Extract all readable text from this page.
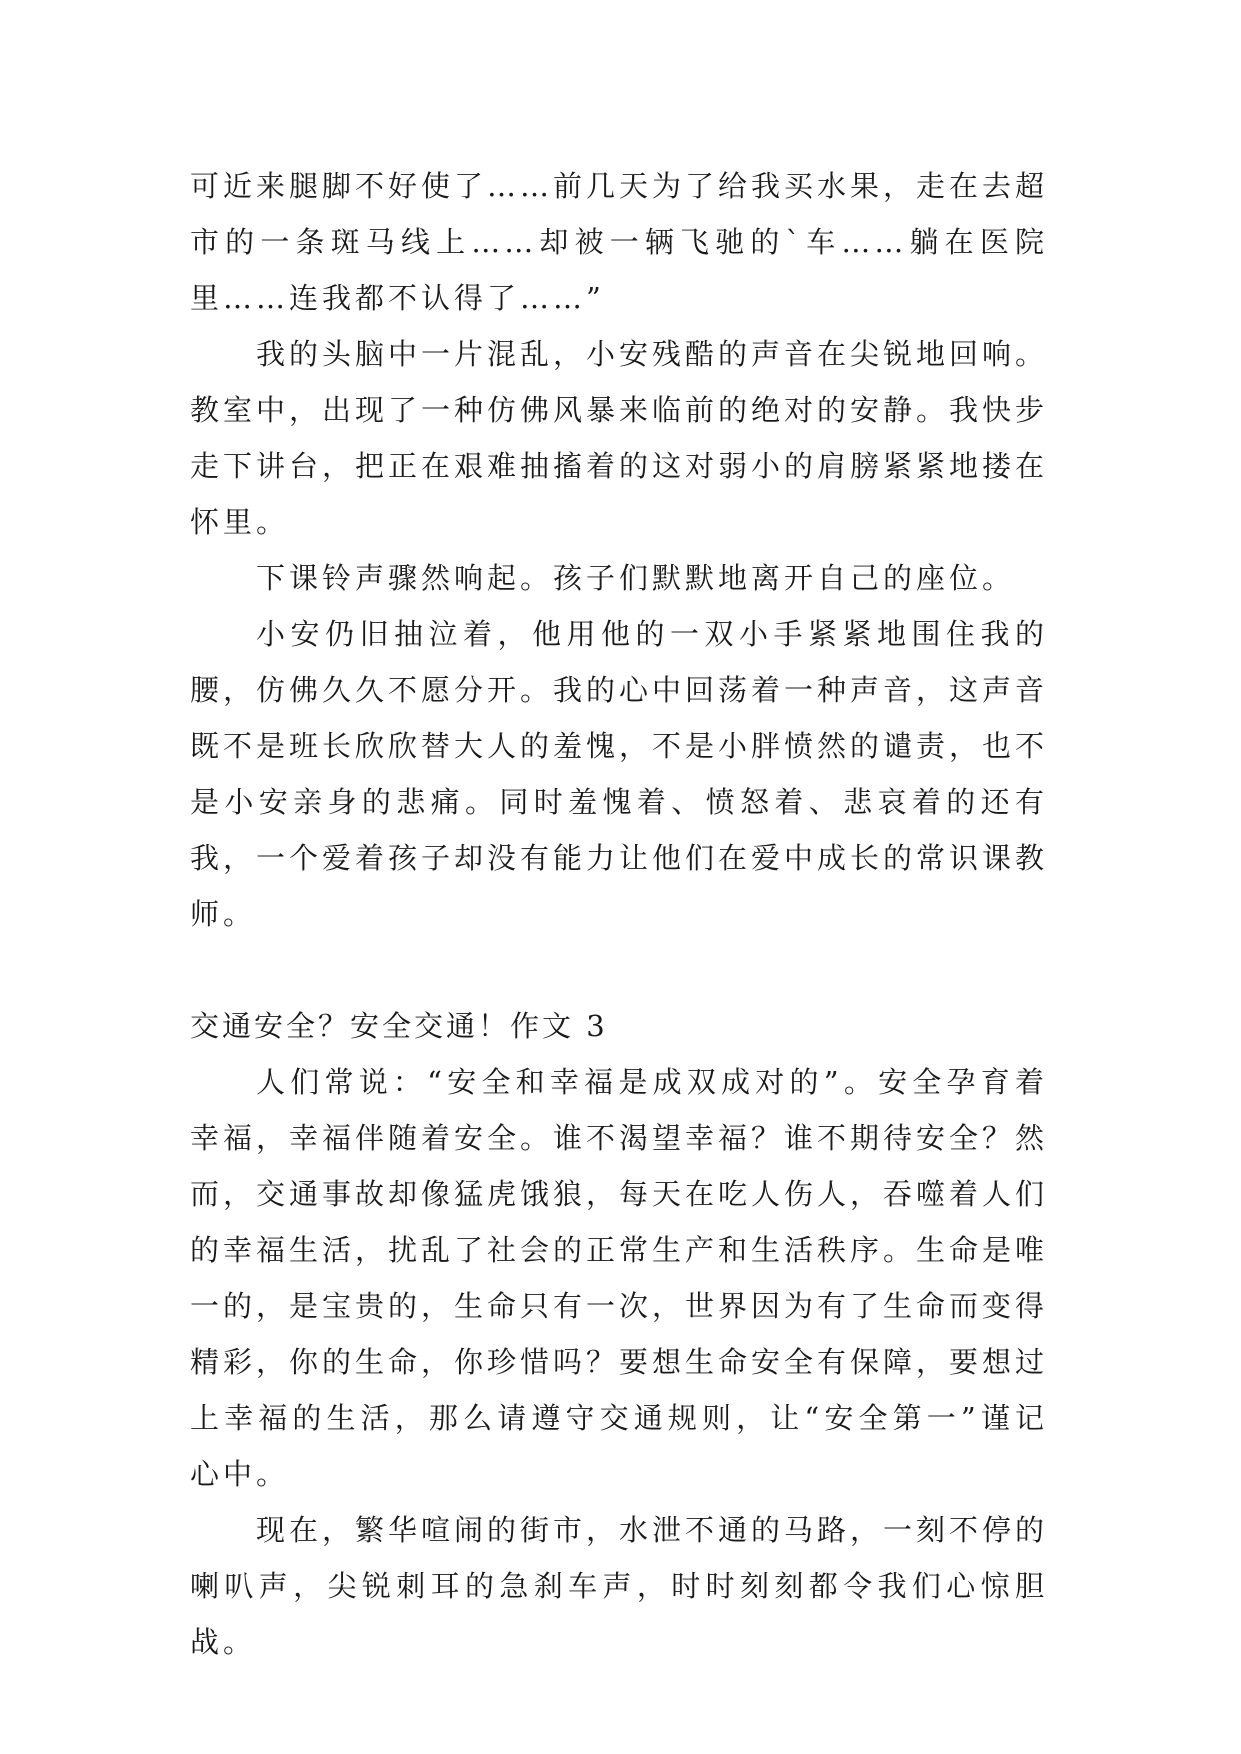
可近来腿脚不好使了……前几天为了给我买水果，走在去超市的一条斑马线上……却被一辆飞驰的`车……躺在医院里……连我都不认得了……”

我的头脑中一片混乱，小安残酷的声音在尖锐地回响。教室中，出现了一种仿佛风暴来临前的绝对的安静。我快步走下讲台，把正在艰难抽搐着的这对弱小的肩膀紧紧地搂在怀里。

下课铃声骤然响起。孩子们默默地离开自己的座位。

小安仍旧抽泣着，他用他的一双小手紧紧地围住我的腰，仿佛久久不愿分开。我的心中回荡着一种声音，这声音既不是班长欣欣替大人的羞愧，不是小胖愤然的谴责，也不是小安亲身的悲痛。同时羞愧着、愤怒着、悲哀着的还有我，一个爱着孩子却没有能力让他们在爱中成长的常识课教师。

交通安全？安全交通！作文 3

人们常说：“安全和幸福是成双成对的”。安全孕育着幸福，幸福伴随着安全。谁不渴望幸福？谁不期待安全？然而，交通事故却像猛虎饿狼，每天在吃人伤人，吞噬着人们的幸福生活，扰乱了社会的正常生产和生活秩序。生命是唯一的，是宝贵的，生命只有一次，世界因为有了生命而变得精彩，你的生命，你珍惜吗？要想生命安全有保障，要想过上幸福的生活，那么请遵守交通规则，让“安全第一”谨记心中。

现在，繁华喧闹的街市，水泄不通的马路，一刻不停的喇叭声，尖锐刺耳的急刹车声，时时刻刻都令我们心惊胆战。
